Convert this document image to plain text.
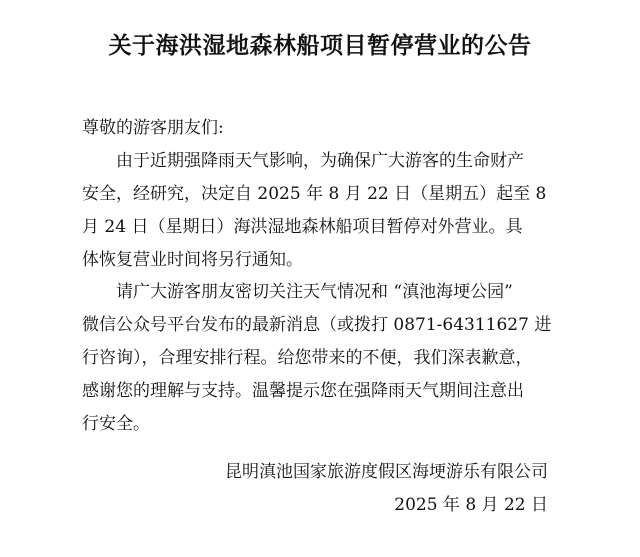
关于海洪湿地森林船项目暂停营业的公告

尊敬的游客朋友们:

由于近期强降雨天气影响，为确保广大游客的生命财产
安全，经研究，决定自 2025 年 8 月 22 日（星期五）起至 8
月 24 日（星期日）海洪湿地森林船项目暂停对外营业。具
体恢复营业时间将另行通知。

请广大游客朋友密切关注天气情况和 “滇池海埂公园”
微信公众号平台发布的最新消息（或拨打 0871-64311627 进
行咨询），合理安排行程。给您带来的不便，我们深表歉意，
感谢您的理解与支持。温馨提示您在强降雨天气期间注意出
行安全。

昆明滇池国家旅游度假区海埂游乐有限公司

2025 年 8 月 22 日
